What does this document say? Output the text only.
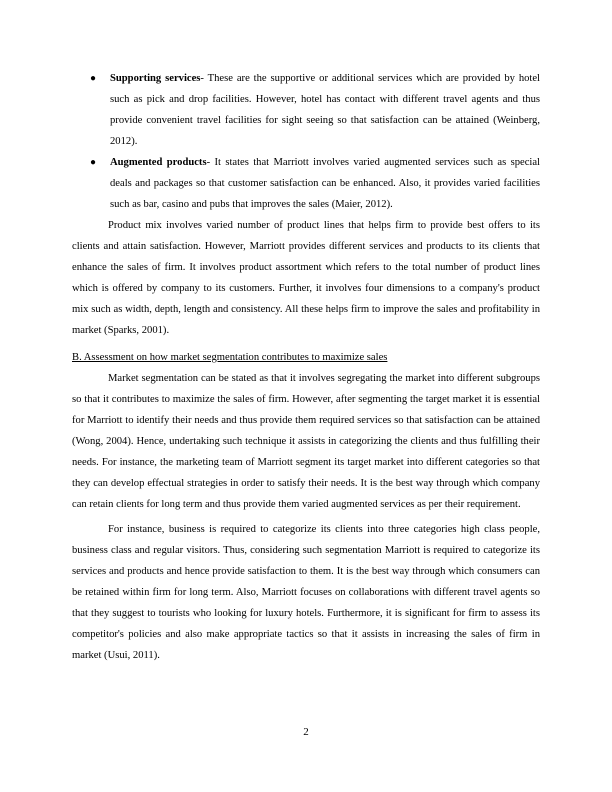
● Supporting services- These are the supportive or additional services which are provided by hotel such as pick and drop facilities. However, hotel has contact with different travel agents and thus provide convenient travel facilities for sight seeing so that satisfaction can be attained (Weinberg, 2012).
● Augmented products- It states that Marriott involves varied augmented services such as special deals and packages so that customer satisfaction can be enhanced. Also, it provides varied facilities such as bar, casino and pubs that improves the sales (Maier, 2012).

Product mix involves varied number of product lines that helps firm to provide best offers to its clients and attain satisfaction. However, Marriott provides different services and products to its clients that enhance the sales of firm. It involves product assortment which refers to the total number of product lines which is offered by company to its customers. Further, it involves four dimensions to a company's product mix such as width, depth, length and consistency. All these helps firm to improve the sales and profitability in market (Sparks, 2001).

B. Assessment on how market segmentation contributes to maximize sales

Market segmentation can be stated as that it involves segregating the market into different subgroups so that it contributes to maximize the sales of firm. However, after segmenting the target market it is essential for Marriott to identify their needs and thus provide them required services so that satisfaction can be attained (Wong, 2004). Hence, undertaking such technique it assists in categorizing the clients and thus fulfilling their needs. For instance, the marketing team of Marriott segment its target market into different categories so that they can develop effectual strategies in order to satisfy their needs. It is the best way through which company can retain clients for long term and thus provide them varied augmented services as per their requirement.

For instance, business is required to categorize its clients into three categories high class people, business class and regular visitors. Thus, considering such segmentation Marriott is required to categorize its services and products and hence provide satisfaction to them. It is the best way through which consumers can be retained within firm for long term. Also, Marriott focuses on collaborations with different travel agents so that they suggest to tourists who looking for luxury hotels. Furthermore, it is significant for firm to assess its competitor's policies and also make appropriate tactics so that it assists in increasing the sales of firm in market (Usui, 2011).

2
